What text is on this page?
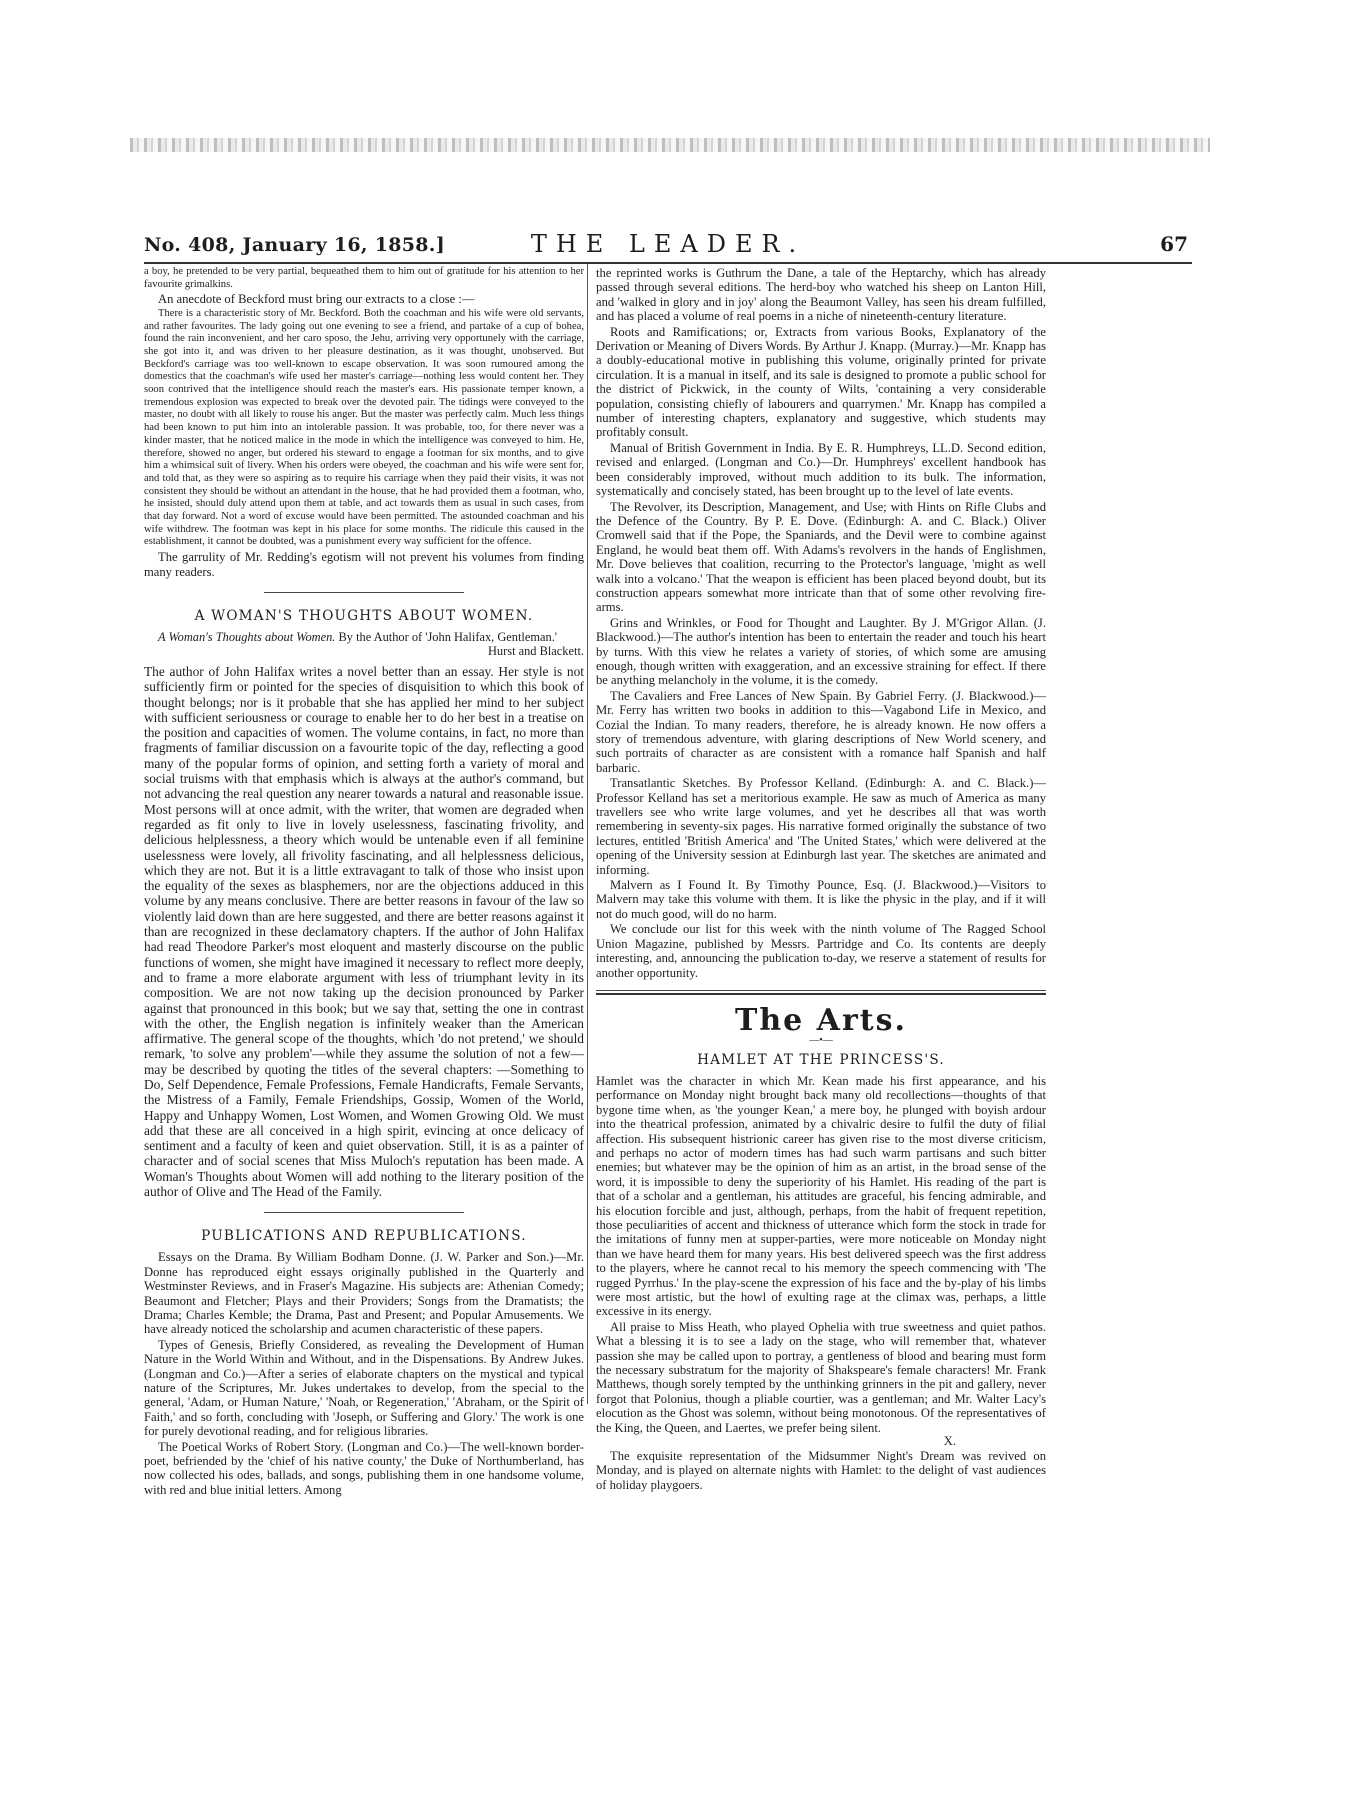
No. 408, January 16, 1858.]	THE LEADER.	67

a boy, he pretended to be very partial, bequeathed them to him out of gratitude for his attention to her favourite grimalkins.

An anecdote of Beckford must bring our extracts to a close :—

There is a characteristic story of Mr. Beckford. Both the coachman and his wife were old servants, and rather favourites. The lady going out one evening to see a friend, and partake of a cup of bohea, found the rain inconvenient, and her caro sposo, the Jehu, arriving very opportunely with the carriage, she got into it, and was driven to her pleasure destination, as it was thought, unobserved. But Beckford's carriage was too well-known to escape observation. It was soon rumoured among the domestics that the coachman's wife used her master's carriage—nothing less would content her. They soon contrived that the intelligence should reach the master's ears. His passionate temper known, a tremendous explosion was expected to break over the devoted pair. The tidings were conveyed to the master, no doubt with all likely to rouse his anger. But the master was perfectly calm. Much less things had been known to put him into an intolerable passion. It was probable, too, for there never was a kinder master, that he noticed malice in the mode in which the intelligence was conveyed to him. He, therefore, showed no anger, but ordered his steward to engage a footman for six months, and to give him a whimsical suit of livery. When his orders were obeyed, the coachman and his wife were sent for, and told that, as they were so aspiring as to require his carriage when they paid their visits, it was not consistent they should be without an attendant in the house, that he had provided them a footman, who, he insisted, should duly attend upon them at table, and act towards them as usual in such cases, from that day forward. Not a word of excuse would have been permitted. The astounded coachman and his wife withdrew. The footman was kept in his place for some months. The ridicule this caused in the establishment, it cannot be doubted, was a punishment every way sufficient for the offence.

The garrulity of Mr. Redding's egotism will not prevent his volumes from finding many readers.

A WOMAN'S THOUGHTS ABOUT WOMEN.
A Woman's Thoughts about Women. By the Author of 'John Halifax, Gentleman.'
Hurst and Blackett.

The author of John Halifax writes a novel better than an essay. Her style is not sufficiently firm or pointed for the species of disquisition to which this book of thought belongs; nor is it probable that she has applied her mind to her subject with sufficient seriousness or courage to enable her to do her best in a treatise on the position and capacities of women. The volume contains, in fact, no more than fragments of familiar discussion on a favourite topic of the day, reflecting a good many of the popular forms of opinion, and setting forth a variety of moral and social truisms with that emphasis which is always at the author's command, but not advancing the real question any nearer towards a natural and reasonable issue. Most persons will at once admit, with the writer, that women are degraded when regarded as fit only to live in lovely uselessness, fascinating frivolity, and delicious helplessness, a theory which would be untenable even if all feminine uselessness were lovely, all frivolity fascinating, and all helplessness delicious, which they are not. But it is a little extravagant to talk of those who insist upon the equality of the sexes as blasphemers, nor are the objections adduced in this volume by any means conclusive. There are better reasons in favour of the law so violently laid down than are here suggested, and there are better reasons against it than are recognized in these declamatory chapters. If the author of John Halifax had read Theodore Parker's most eloquent and masterly discourse on the public functions of women, she might have imagined it necessary to reflect more deeply, and to frame a more elaborate argument with less of triumphant levity in its composition. We are not now taking up the decision pronounced by Parker against that pronounced in this book; but we say that, setting the one in contrast with the other, the English negation is infinitely weaker than the American affirmative. The general scope of the thoughts, which 'do not pretend,' we should remark, 'to solve any problem'—while they assume the solution of not a few—may be described by quoting the titles of the several chapters: —Something to Do, Self Dependence, Female Professions, Female Handicrafts, Female Servants, the Mistress of a Family, Female Friendships, Gossip, Women of the World, Happy and Unhappy Women, Lost Women, and Women Growing Old. We must add that these are all conceived in a high spirit, evincing at once delicacy of sentiment and a faculty of keen and quiet observation. Still, it is as a painter of character and of social scenes that Miss Muloch's reputation has been made. A Woman's Thoughts about Women will add nothing to the literary position of the author of Olive and The Head of the Family.

PUBLICATIONS AND REPUBLICATIONS.

Essays on the Drama. By William Bodham Donne. (J. W. Parker and Son.)—Mr. Donne has reproduced eight essays originally published in the Quarterly and Westminster Reviews, and in Fraser's Magazine. His subjects are: Athenian Comedy; Beaumont and Fletcher; Plays and their Providers; Songs from the Dramatists; the Drama; Charles Kemble; the Drama, Past and Present; and Popular Amusements. We have already noticed the scholarship and acumen characteristic of these papers.

Types of Genesis, Briefly Considered, as revealing the Development of Human Nature in the World Within and Without, and in the Dispensations. By Andrew Jukes. (Longman and Co.)—After a series of elaborate chapters on the mystical and typical nature of the Scriptures, Mr. Jukes undertakes to develop, from the special to the general, 'Adam, or Human Nature,' 'Noah, or Regeneration,' 'Abraham, or the Spirit of Faith,' and so forth, concluding with 'Joseph, or Suffering and Glory.' The work is one for purely devotional reading, and for religious libraries.

The Poetical Works of Robert Story. (Longman and Co.)—The well-known border-poet, befriended by the 'chief of his native county,' the Duke of Northumberland, has now collected his odes, ballads, and songs, publishing them in one handsome volume, with red and blue initial letters. Among

the reprinted works is Guthrum the Dane, a tale of the Heptarchy, which has already passed through several editions. The herd-boy who watched his sheep on Lanton Hill, and 'walked in glory and in joy' along the Beaumont Valley, has seen his dream fulfilled, and has placed a volume of real poems in a niche of nineteenth-century literature.

Roots and Ramifications; or, Extracts from various Books, Explanatory of the Derivation or Meaning of Divers Words. By Arthur J. Knapp. (Murray.)—Mr. Knapp has a doubly-educational motive in publishing this volume, originally printed for private circulation. It is a manual in itself, and its sale is designed to promote a public school for the district of Pickwick, in the county of Wilts, 'containing a very considerable population, consisting chiefly of labourers and quarrymen.' Mr. Knapp has compiled a number of interesting chapters, explanatory and suggestive, which students may profitably consult.

Manual of British Government in India. By E. R. Humphreys, LL.D. Second edition, revised and enlarged. (Longman and Co.)—Dr. Humphreys' excellent handbook has been considerably improved, without much addition to its bulk. The information, systematically and concisely stated, has been brought up to the level of late events.

The Revolver, its Description, Management, and Use; with Hints on Rifle Clubs and the Defence of the Country. By P. E. Dove. (Edinburgh: A. and C. Black.) Oliver Cromwell said that if the Pope, the Spaniards, and the Devil were to combine against England, he would beat them off. With Adams's revolvers in the hands of Englishmen, Mr. Dove believes that coalition, recurring to the Protector's language, 'might as well walk into a volcano.' That the weapon is efficient has been placed beyond doubt, but its construction appears somewhat more intricate than that of some other revolving fire-arms.

Grins and Wrinkles, or Food for Thought and Laughter. By J. M'Grigor Allan. (J. Blackwood.)—The author's intention has been to entertain the reader and touch his heart by turns. With this view he relates a variety of stories, of which some are amusing enough, though written with exaggeration, and an excessive straining for effect. If there be anything melancholy in the volume, it is the comedy.

The Cavaliers and Free Lances of New Spain. By Gabriel Ferry. (J. Blackwood.)—Mr. Ferry has written two books in addition to this—Vagabond Life in Mexico, and Cozial the Indian. To many readers, therefore, he is already known. He now offers a story of tremendous adventure, with glaring descriptions of New World scenery, and such portraits of character as are consistent with a romance half Spanish and half barbaric.

Transatlantic Sketches. By Professor Kelland. (Edinburgh: A. and C. Black.)—Professor Kelland has set a meritorious example. He saw as much of America as many travellers see who write large volumes, and yet he describes all that was worth remembering in seventy-six pages. His narrative formed originally the substance of two lectures, entitled 'British America' and 'The United States,' which were delivered at the opening of the University session at Edinburgh last year. The sketches are animated and informing.

Malvern as I Found It. By Timothy Pounce, Esq. (J. Blackwood.)—Visitors to Malvern may take this volume with them. It is like the physic in the play, and if it will not do much good, will do no harm.

We conclude our list for this week with the ninth volume of The Ragged School Union Magazine, published by Messrs. Partridge and Co. Its contents are deeply interesting, and, announcing the publication to-day, we reserve a statement of results for another opportunity.

The Arts.
—•—
HAMLET AT THE PRINCESS'S.

Hamlet was the character in which Mr. Kean made his first appearance, and his performance on Monday night brought back many old recollections—thoughts of that bygone time when, as 'the younger Kean,' a mere boy, he plunged with boyish ardour into the theatrical profession, animated by a chivalric desire to fulfil the duty of filial affection. His subsequent histrionic career has given rise to the most diverse criticism, and perhaps no actor of modern times has had such warm partisans and such bitter enemies; but whatever may be the opinion of him as an artist, in the broad sense of the word, it is impossible to deny the superiority of his Hamlet. His reading of the part is that of a scholar and a gentleman, his attitudes are graceful, his fencing admirable, and his elocution forcible and just, although, perhaps, from the habit of frequent repetition, those peculiarities of accent and thickness of utterance which form the stock in trade for the imitations of funny men at supper-parties, were more noticeable on Monday night than we have heard them for many years. His best delivered speech was the first address to the players, where he cannot recal to his memory the speech commencing with 'The rugged Pyrrhus.' In the play-scene the expression of his face and the by-play of his limbs were most artistic, but the howl of exulting rage at the climax was, perhaps, a little excessive in its energy.

All praise to Miss Heath, who played Ophelia with true sweetness and quiet pathos. What a blessing it is to see a lady on the stage, who will remember that, whatever passion she may be called upon to portray, a gentleness of blood and bearing must form the necessary substratum for the majority of Shakspeare's female characters! Mr. Frank Matthews, though sorely tempted by the unthinking grinners in the pit and gallery, never forgot that Polonius, though a pliable courtier, was a gentleman; and Mr. Walter Lacy's elocution as the Ghost was solemn, without being monotonous. Of the representatives of the King, the Queen, and Laertes, we prefer being silent.

X.

The exquisite representation of the Midsummer Night's Dream was revived on Monday, and is played on alternate nights with Hamlet: to the delight of vast audiences of holiday playgoers.
